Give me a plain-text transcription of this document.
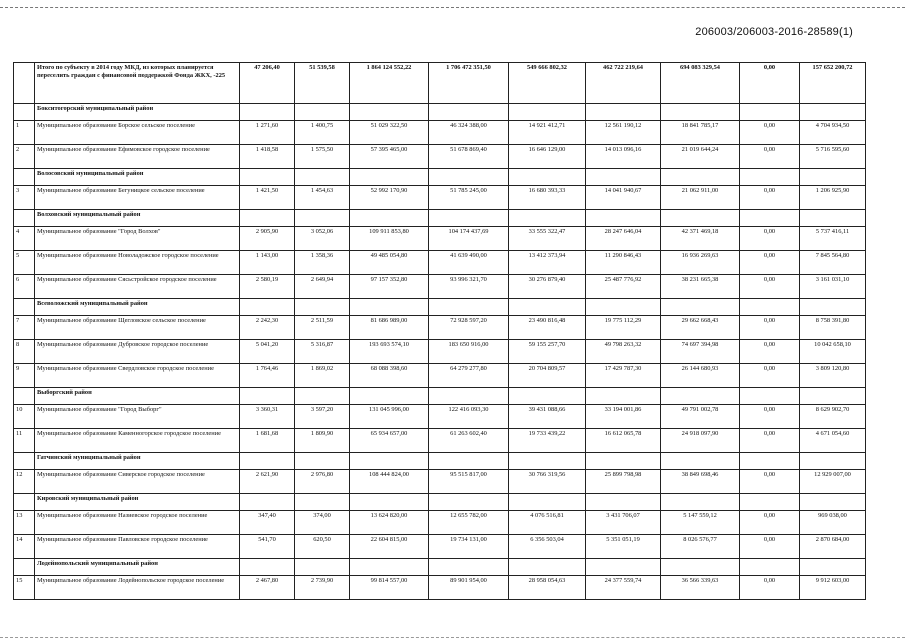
206003/206003-2016-28589(1)
	Итого по субъекту в 2014 году МКД, из которых планируется переселить граждан с финансовой поддержкой Фонда ЖКХ, -225	47 206,40	51 539,58	1 864 124 552,22	1 706 472 351,50	549 666 802,32	462 722 219,64	694 083 329,54	0,00	157 652 200,72
	Бокситогорский муниципальный район									
1	Муниципальное образование Борское сельское поселение	1 271,60	1 400,75	51 029 322,50	46 324 388,00	14 921 412,71	12 561 190,12	18 841 785,17	0,00	4 704 934,50
2	Муниципальное образование Ефимовское городское поселение	1 418,58	1 575,50	57 395 465,00	51 678 869,40	16 646 129,00	14 013 096,16	21 019 644,24	0,00	5 716 595,60
	Волосовский муниципальный район									
3	Муниципальное образование Бегуницкое сельское поселение	1 421,50	1 454,63	52 992 170,90	51 785 245,00	16 680 393,33	14 041 940,67	21 062 911,00	0,00	1 206 925,90
	Волховский муниципальный район									
4	Муниципальное образование "Город Волхов"	2 905,90	3 052,06	109 911 853,80	104 174 437,69	33 555 322,47	28 247 646,04	42 371 469,18	0,00	5 737 416,11
5	Муниципальное образование Новоладожское городское поселение	1 143,00	1 358,36	49 485 054,80	41 639 490,00	13 412 373,94	11 290 846,43	16 936 269,63	0,00	7 845 564,80
6	Муниципальное образование Сясьстройское городское поселение	2 580,19	2 649,94	97 157 352,80	93 996 321,70	30 276 879,40	25 487 776,92	38 231 665,38	0,00	3 161 031,10
	Всеволожский муниципальный район									
7	Муниципальное образование Щегловское сельское поселение	2 242,30	2 511,59	81 686 989,00	72 928 597,20	23 490 816,48	19 775 112,29	29 662 668,43	0,00	8 758 391,80
8	Муниципальное образование Дубровское городское поселение	5 041,20	5 316,87	193 693 574,10	183 650 916,00	59 155 257,70	49 798 263,32	74 697 394,98	0,00	10 042 658,10
9	Муниципальное образование Свердловское городское поселение	1 764,46	1 869,02	68 088 398,60	64 279 277,80	20 704 809,57	17 429 787,30	26 144 680,93	0,00	3 809 120,80
	Выборгский район									
10	Муниципальное образование "Город Выборг"	3 360,31	3 597,20	131 045 996,00	122 416 093,30	39 431 088,66	33 194 001,86	49 791 002,78	0,00	8 629 902,70
11	Муниципальное образование Каменногорское городское поселение	1 681,68	1 809,90	65 934 657,00	61 263 602,40	19 733 439,22	16 612 065,78	24 918 097,90	0,00	4 671 054,60
	Гатчинский муниципальный район									
12	Муниципальное образование Сиверское городское поселение	2 621,90	2 976,80	108 444 824,00	95 515 817,00	30 766 319,56	25 899 798,98	38 849 698,46	0,00	12 929 007,00
	Кировский муниципальный район									
13	Муниципальное образование Назиевское городское поселение	347,40	374,00	13 624 820,00	12 655 782,00	4 076 516,81	3 431 706,07	5 147 559,12	0,00	969 038,00
14	Муниципальное образование Павловское городское поселение	541,70	620,50	22 604 815,00	19 734 131,00	6 356 503,04	5 351 051,19	8 026 576,77	0,00	2 870 684,00
	Лодейнопольский муниципальный район									
15	Муниципальное образование Лодейнопольское городское поселение	2 467,80	2 739,90	99 814 557,00	89 901 954,00	28 958 054,63	24 377 559,74	36 566 339,63	0,00	9 912 603,00
